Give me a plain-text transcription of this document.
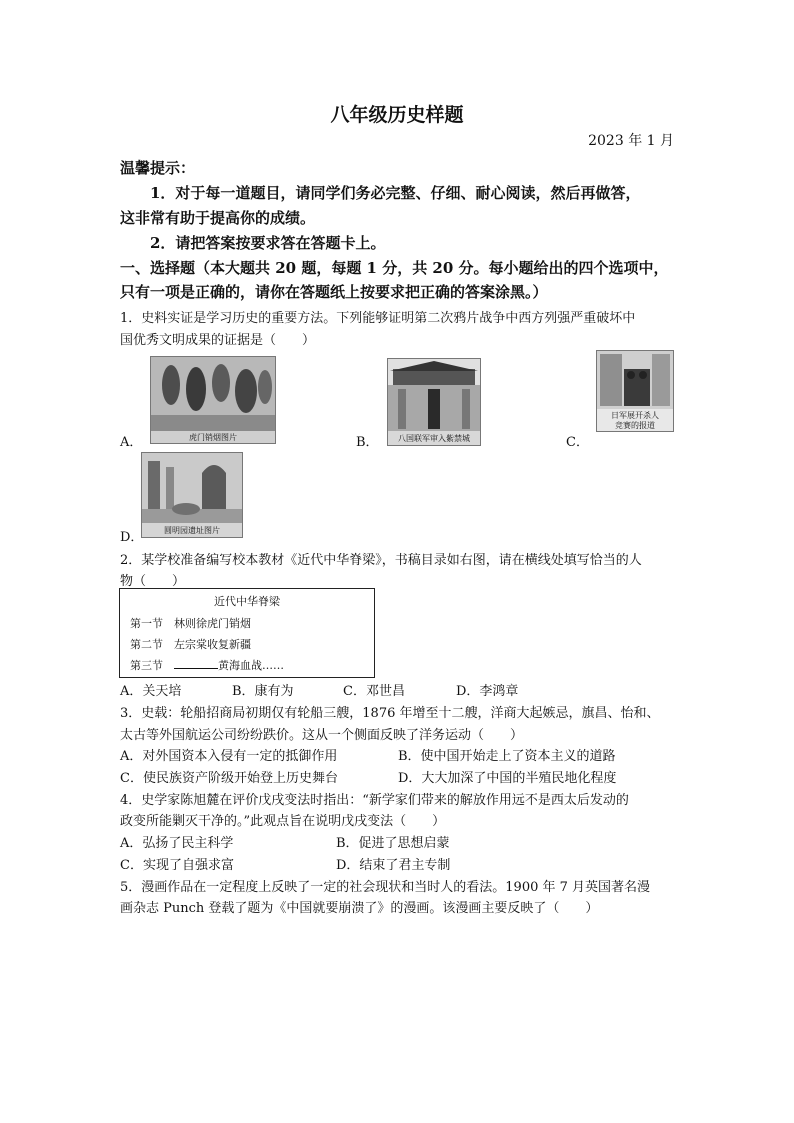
八年级历史样题
2023 年 1 月
温馨提示：
1．对于每一道题目，请同学们务必完整、仔细、耐心阅读，然后再做答，
这非常有助于提高你的成绩。
2．请把答案按要求答在答题卡上。
一、选择题（本大题共 20 题，每题 1 分，共 20 分。每小题给出的四个选项中，
只有一项是正确的，请你在答题纸上按要求把正确的答案涂黑。）
1．史料实证是学习历史的重要方法。下列能够证明第二次鸦片战争中西方列强严重破坏中
国优秀文明成果的证据是（　　）
虎门销烟图片
A．	八国联军审入紫禁城
B．
日军展开杀人
竞赛的报道
C．
圆明园遗址图片
D．
2．某学校准备编写校本教材《近代中华脊梁》，书稿目录如右图，请在横线处填写恰当的人
物（　　）
近代中华脊梁
第一节　林则徐虎门销烟
第二节　左宗棠收复新疆
第三节　	黄海血战……
A．关天培	B．康有为	C．邓世昌	D．李鸿章
3．史载：轮船招商局初期仅有轮船三艘，1876 年增至十二艘，洋商大起嫉忌，旗昌、怡和、
太古等外国航运公司纷纷跌价。这从一个侧面反映了洋务运动（　　）
A．对外国资本入侵有一定的抵御作用	B．使中国开始走上了资本主义的道路
C．使民族资产阶级开始登上历史舞台	D．大大加深了中国的半殖民地化程度
4．史学家陈旭麓在评价戊戌变法时指出：“新学家们带来的解放作用远不是西太后发动的
政变所能剿灭干净的。”此观点旨在说明戊戌变法（　　）
A．弘扬了民主科学	B．促进了思想启蒙
C．实现了自强求富	D．结束了君主专制
5．漫画作品在一定程度上反映了一定的社会现状和当时人的看法。1900 年 7 月英国著名漫
画杂志 Punch 登载了题为《中国就要崩溃了》的漫画。该漫画主要反映了（　　）
